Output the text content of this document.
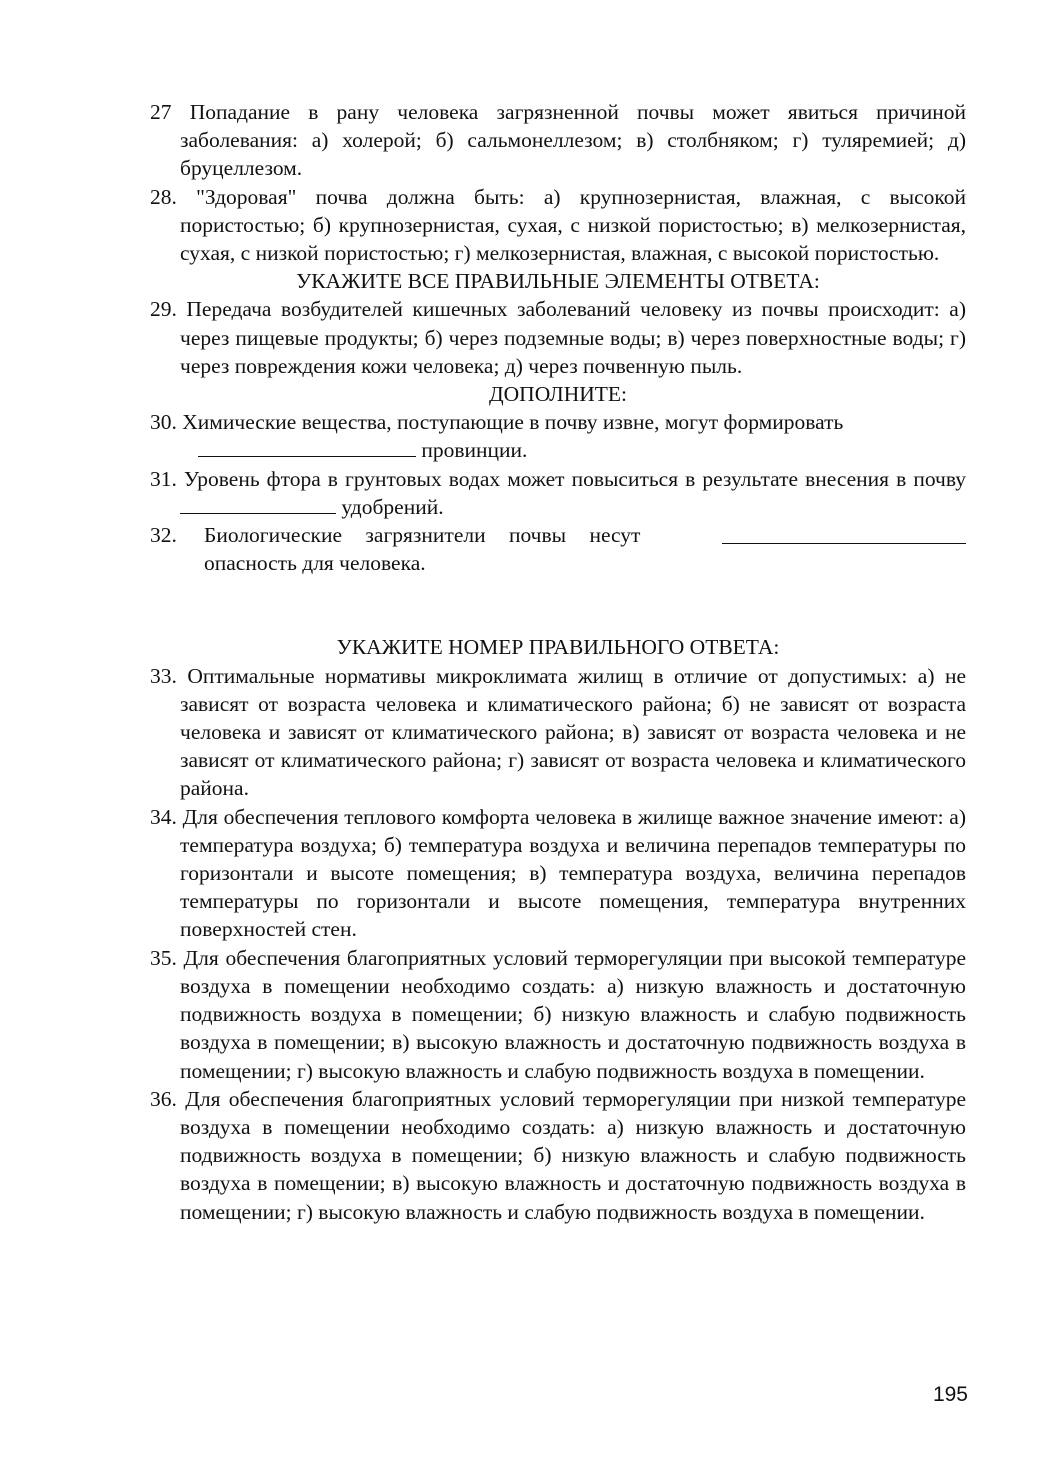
27 Попадание в рану человека загрязненной почвы может явиться причиной заболевания: а) холерой; б) сальмонеллезом; в) столбняком; г) туляремией; д) бруцеллезом.
28. "Здоровая" почва должна быть: а) крупнозернистая, влажная, с высокой пористостью; б) крупнозернистая, сухая, с низкой пористостью; в) мелкозернистая, сухая, с низкой пористостью; г) мелкозернистая, влажная, с высокой пористостью.
УКАЖИТЕ ВСЕ ПРАВИЛЬНЫЕ ЭЛЕМЕНТЫ ОТВЕТА:
29. Передача возбудителей кишечных заболеваний человеку из почвы происходит: а) через пищевые продукты; б) через подземные воды; в) через поверхностные воды; г) через повреждения кожи человека; д) через почвенную пыль.
ДОПОЛНИТЕ:
30. Химические вещества, поступающие в почву извне, могут формировать
провинции.
31. Уровень фтора в грунтовых водах может повыситься в результате внесения в почву  удобрений.
32.	Биологические загрязнители почвы несут

опасность для человека.
УКАЖИТЕ НОМЕР ПРАВИЛЬНОГО ОТВЕТА:
33. Оптимальные нормативы микроклимата жилищ в отличие от допустимых: а) не зависят от возраста человека и климатического района; б) не зависят от возраста человека и зависят от климатического района; в) зависят от возраста человека и не зависят от климатического района; г) зависят от возраста человека и климатического района.
34. Для обеспечения теплового комфорта человека в жилище важное значение имеют: а) температура воздуха; б) температура воздуха и величина перепадов температуры по горизонтали и высоте помещения; в) температура воздуха, величина перепадов температуры по горизонтали и высоте помещения, температура внутренних поверхностей стен.
35. Для обеспечения благоприятных условий терморегуляции при высокой температуре воздуха в помещении необходимо создать: а) низкую влажность и достаточную подвижность воздуха в помещении; б) низкую влажность и слабую подвижность воздуха в помещении; в) высокую влажность и достаточную подвижность воздуха в помещении; г) высокую влажность и слабую подвижность воздуха в помещении.
36. Для обеспечения благоприятных условий терморегуляции при низкой температуре воздуха в помещении необходимо создать: а) низкую влажность и достаточную подвижность воздуха в помещении; б) низкую влажность и слабую подвижность воздуха в помещении; в) высокую влажность и достаточную подвижность воздуха в помещении; г) высокую влажность и слабую подвижность воздуха в помещении.
195
